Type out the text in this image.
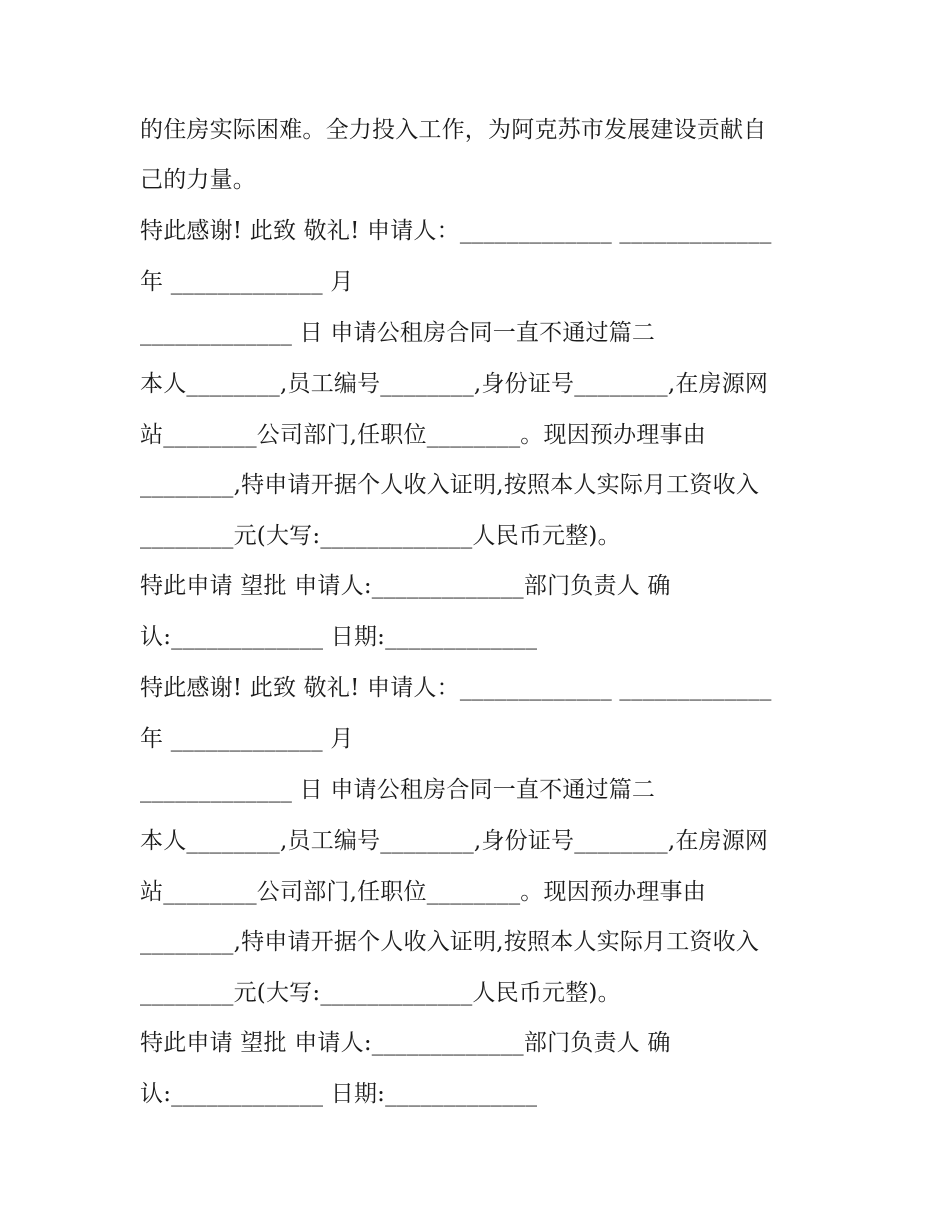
的住房实际困难。全力投入工作，为阿克苏市发展建设贡献自
己的力量。
特此感谢! 此致 敬礼! 申请人：_____________ _____________
年 _____________ 月
_____________ 日 申请公租房合同一直不通过篇二
本人________,员工编号________,身份证号________,在房源网
站________公司部门,任职位________。现因预办理事由
________,特申请开据个人收入证明,按照本人实际月工资收入
________元(大写:_____________人民币元整)。
特此申请 望批 申请人:_____________部门负责人 确
认:_____________ 日期:_____________
特此感谢! 此致 敬礼! 申请人：_____________ _____________
年 _____________ 月
_____________ 日 申请公租房合同一直不通过篇二
本人________,员工编号________,身份证号________,在房源网
站________公司部门,任职位________。现因预办理事由
________,特申请开据个人收入证明,按照本人实际月工资收入
________元(大写:_____________人民币元整)。
特此申请 望批 申请人:_____________部门负责人 确
认:_____________ 日期:_____________
